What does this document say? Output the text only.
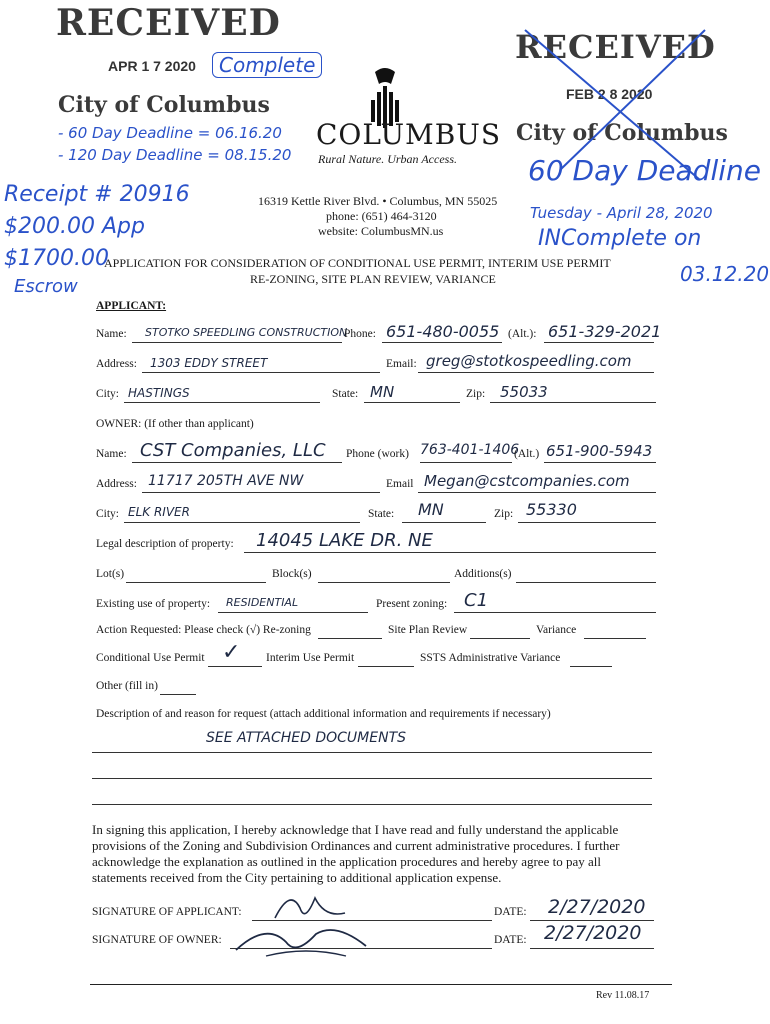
RECEIVED
APR 1 7 2020	Complete
City of Columbus
RECEIVED
FEB 2 8 2020
City of Columbus
- 60 Day Deadline = 06.16.20
- 120 Day Deadline = 08.15.20
Receipt # 20916
$200.00 App
$1700.00
Escrow
60 Day Deadline
Tuesday - April 28, 2020
INComplete on
03.12.20
COLUMBUS
Rural Nature. Urban Access.
16319 Kettle River Blvd. • Columbus, MN 55025
phone: (651) 464-3120
website: ColumbusMN.us
APPLICATION FOR CONSIDERATION OF CONDITIONAL USE PERMIT, INTERIM USE PERMIT
RE-ZONING, SITE PLAN REVIEW, VARIANCE
APPLICANT:
Name: STOTKO SPEEDLING CONSTRUCTION
Phone: 651-480-0055 (Alt.): 651-329-2021
Address: 1303 EDDY STREET	Email: greg@stotkospeedling.com
City: HASTINGS	State: MN	Zip: 55033
OWNER: (If other than applicant)
Name: CST Companies, LLC Phone (work) 763-401-1406
(Alt.) 651-900-5943
Address: 11717 205TH AVE NW	Email Megan@cstcompanies.com
City: ELK RIVER	State: MN	Zip: 55330
Legal description of property: 14045 LAKE DR. NE
Lot(s)	Block(s)	Additions(s)
Existing use of property: RESIDENTIAL	Present zoning: C1
Action Requested: Please check (√) Re-zoning	Site Plan Review	Variance
Conditional Use Permit ✓ Interim Use Permit	SSTS Administrative Variance
Other (fill in)
Description of and reason for request (attach additional information and requirements if necessary)
SEE ATTACHED DOCUMENTS
In signing this application, I hereby acknowledge that I have read and fully understand the applicable
provisions of the Zoning and Subdivision Ordinances and current administrative procedures. I further
acknowledge the explanation as outlined in the application procedures and hereby agree to pay all
statements received from the City pertaining to additional application expense.
SIGNATURE OF APPLICANT:	DATE: 2/27/2020
SIGNATURE OF OWNER:	DATE: 2/27/2020
Rev 11.08.17
